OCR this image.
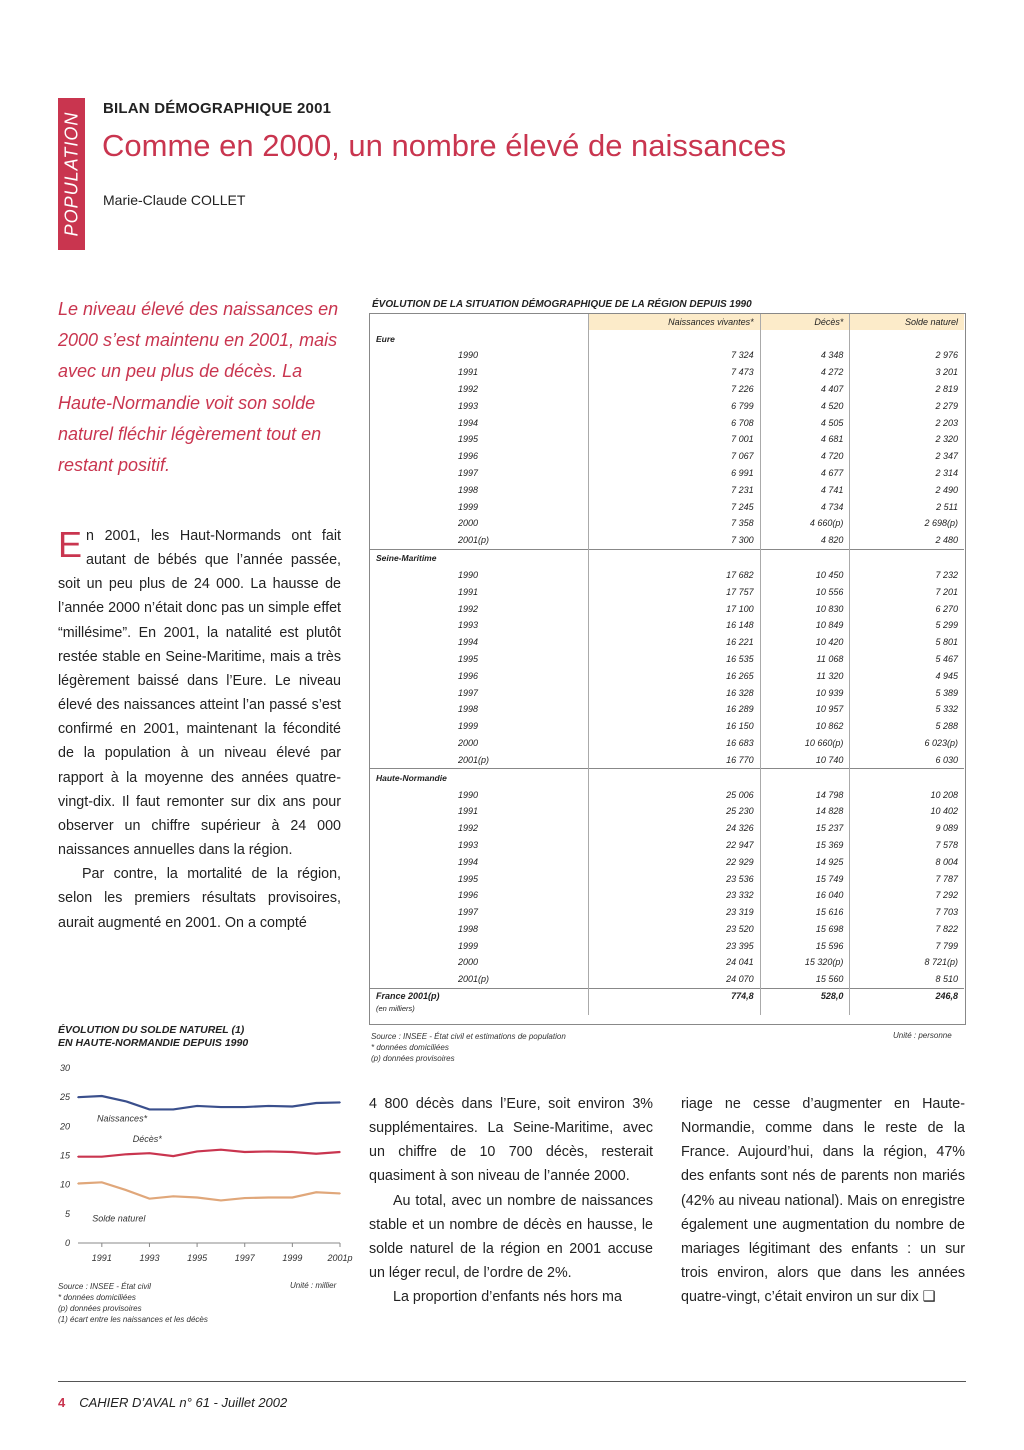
POPULATION
BILAN DÉMOGRAPHIQUE 2001
Comme en 2000, un nombre élevé de naissances
Marie-Claude COLLET
Le niveau élevé des naissances en 2000 s’est maintenu en 2001, mais avec un peu plus de décès. La Haute-Normandie voit son solde naturel fléchir légèrement tout en restant positif.

En 2001, les Haut-Normands ont fait autant de bébés que l’année passée, soit un peu plus de 24 000. La hausse de l’année 2000 n’était donc pas un simple effet “millésime”. En 2001, la natalité est plutôt restée stable en Seine-Maritime, mais a très légèrement baissé dans l’Eure. Le niveau élevé des naissances atteint l’an passé s’est confirmé en 2001, maintenant la fécondité de la population à un niveau élevé par rapport à la moyenne des années quatre-vingt-dix. Il faut remonter sur dix ans pour observer un chiffre supérieur à 24 000 naissances annuelles dans la région.

Par contre, la mortalité de la région, selon les premiers résultats provisoires, aurait augmenté en 2001. On a compté

4 800 décès dans l’Eure, soit environ 3% supplémentaires. La Seine-Maritime, avec un chiffre de 10 700 décès, resterait quasiment à son niveau de l’année 2000.

Au total, avec un nombre de naissances stable et un nombre de décès en hausse, le solde naturel de la région en 2001 accuse un léger recul, de l’ordre de 2%.

La proportion d’enfants nés hors ma

riage ne cesse d’augmenter en Haute-Normandie, comme dans le reste de la France. Aujourd’hui, dans la région, 47% des enfants sont nés de parents non mariés (42% au niveau national). Mais on enregistre également une augmentation du nombre de mariages légitimant des enfants : un sur trois environ, alors que dans les années quatre-vingt, c’était environ un sur dix ❑

ÉVOLUTION DE LA SITUATION DÉMOGRAPHIQUE DE LA RÉGION DEPUIS 1990
	Naissances vivantes*	Décès*	Solde naturel
Eure			
1990	7 324	4 348	2 976
1991	7 473	4 272	3 201
1992	7 226	4 407	2 819
1993	6 799	4 520	2 279
1994	6 708	4 505	2 203
1995	7 001	4 681	2 320
1996	7 067	4 720	2 347
1997	6 991	4 677	2 314
1998	7 231	4 741	2 490
1999	7 245	4 734	2 511
2000	7 358	4 660(p)	2 698(p)
2001(p)	7 300	4 820	2 480
Seine-Maritime			
1990	17 682	10 450	7 232
1991	17 757	10 556	7 201
1992	17 100	10 830	6 270
1993	16 148	10 849	5 299
1994	16 221	10 420	5 801
1995	16 535	11 068	5 467
1996	16 265	11 320	4 945
1997	16 328	10 939	5 389
1998	16 289	10 957	5 332
1999	16 150	10 862	5 288
2000	16 683	10 660(p)	6 023(p)
2001(p)	16 770	10 740	6 030
Haute-Normandie			
1990	25 006	14 798	10 208
1991	25 230	14 828	10 402
1992	24 326	15 237	9 089
1993	22 947	15 369	7 578
1994	22 929	14 925	8 004
1995	23 536	15 749	7 787
1996	23 332	16 040	7 292
1997	23 319	15 616	7 703
1998	23 520	15 698	7 822
1999	23 395	15 596	7 799
2000	24 041	15 320(p)	8 721(p)
2001(p)	24 070	15 560	8 510
France 2001(p)	774,8	528,0	246,8
(en milliers)			
Source : INSEE - État civil et estimations de population
* données domiciliées
(p) données provisoires
Unité : personne
ÉVOLUTION DU SOLDE NATUREL (1)
EN HAUTE-NORMANDIE DEPUIS 1990
0
5
10
15
20
25
30
1991	1993	1995	1997	1999	2001p
Naissances*
Décès*
Solde naturel
Source : INSEE - État civil
* données domiciliées
(p) données provisoires
(1) écart entre les naissances et les décès
Unité : millier
4 CAHIER D’AVAL n° 61 - Juillet 2002
